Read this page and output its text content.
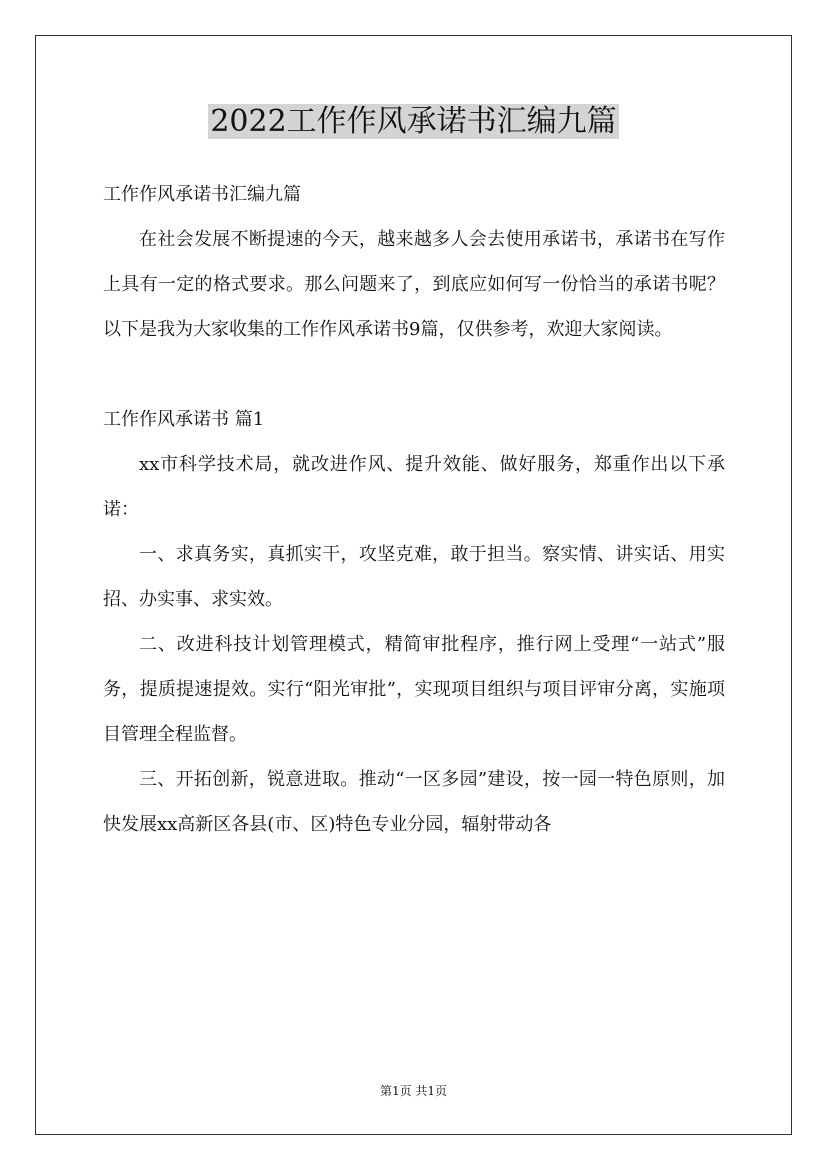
2022工作作风承诺书汇编九篇

工作作风承诺书汇编九篇

在社会发展不断提速的今天，越来越多人会去使用承诺书，承诺书在写作上具有一定的格式要求。那么问题来了，到底应如何写一份恰当的承诺书呢？以下是我为大家收集的工作作风承诺书9篇，仅供参考，欢迎大家阅读。

工作作风承诺书 篇1

xx市科学技术局，就改进作风、提升效能、做好服务，郑重作出以下承诺：

一、求真务实，真抓实干，攻坚克难，敢于担当。察实情、讲实话、用实招、办实事、求实效。

二、改进科技计划管理模式，精简审批程序，推行网上受理“一站式”服务，提质提速提效。实行“阳光审批”，实现项目组织与项目评审分离，实施项目管理全程监督。

三、开拓创新，锐意进取。推动“一区多园”建设，按一园一特色原则，加快发展xx高新区各县(市、区)特色专业分园，辐射带动各

第1页 共1页
